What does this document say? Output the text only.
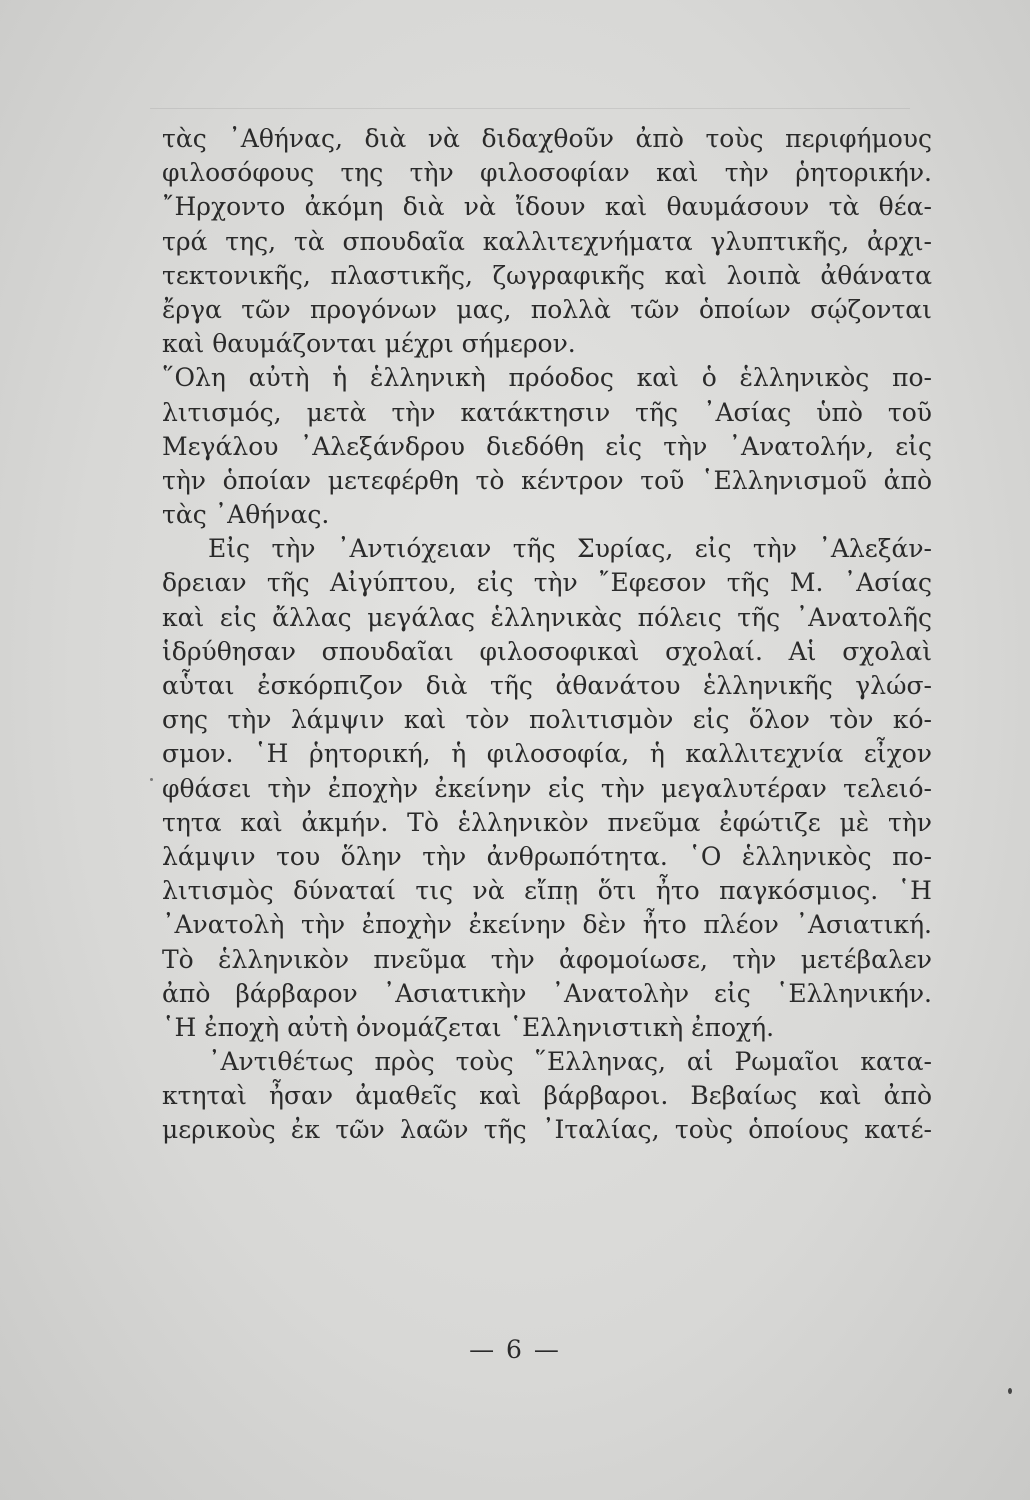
τὰς ᾿Αθήνας, διὰ νὰ διδαχθοῦν ἀπὸ τοὺς περιφήμους
φιλοσόφους της τὴν φιλοσοφίαν καὶ τὴν ῥητορικήν.
῎Ηρχοντο ἀκόμη διὰ νὰ ἴδουν καὶ θαυμάσουν τὰ θέα-
τρά της, τὰ σπουδαῖα καλλιτεχνήματα γλυπτικῆς, ἀρχι-
τεκτονικῆς, πλαστικῆς, ζωγραφικῆς καὶ λοιπὰ ἀθάνατα
ἔργα τῶν προγόνων μας, πολλὰ τῶν ὁποίων σῴζονται
καὶ θαυμάζονται μέχρι σήμερον.
῞Ολη αὐτὴ ἡ ἑλληνικὴ πρόοδος καὶ ὁ ἑλληνικὸς πο-
λιτισμός, μετὰ τὴν κατάκτησιν τῆς ᾿Ασίας ὑπὸ τοῦ
Μεγάλου ᾿Αλεξάνδρου διεδόθη εἰς τὴν ᾿Ανατολήν, εἰς
τὴν ὁποίαν μετεφέρθη τὸ κέντρον τοῦ ῾Ελληνισμοῦ ἀπὸ
τὰς ᾿Αθήνας.
Εἰς τὴν ᾿Αντιόχειαν τῆς Συρίας, εἰς τὴν ᾿Αλεξάν-
δρειαν τῆς Αἰγύπτου, εἰς τὴν ῎Εφεσον τῆς Μ. ᾿Ασίας
καὶ εἰς ἄλλας μεγάλας ἑλληνικὰς πόλεις τῆς ᾿Ανατολῆς
ἱδρύθησαν σπουδαῖαι φιλοσοφικαὶ σχολαί. Αἱ σχολαὶ
αὗται ἐσκόρπιζον διὰ τῆς ἀθανάτου ἑλληνικῆς γλώσ-
σης τὴν λάμψιν καὶ τὸν πολιτισμὸν εἰς ὅλον τὸν κό-
σμον. ῾Η ῥητορική, ἡ φιλοσοφία, ἡ καλλιτεχνία εἶχον
φθάσει τὴν ἐποχὴν ἐκείνην εἰς τὴν μεγαλυτέραν τελειό-
τητα καὶ ἀκμήν. Τὸ ἑλληνικὸν πνεῦμα ἐφώτιζε μὲ τὴν
λάμψιν του ὅλην τὴν ἀνθρωπότητα. ῾Ο ἑλληνικὸς πο-
λιτισμὸς δύναταί τις νὰ εἴπῃ ὅτι ἦτο παγκόσμιος. ῾Η
᾿Ανατολὴ τὴν ἐποχὴν ἐκείνην δὲν ἦτο πλέον ᾿Ασιατική.
Τὸ ἑλληνικὸν πνεῦμα τὴν ἀφομοίωσε, τὴν μετέβαλεν
ἀπὸ βάρβαρον ᾿Ασιατικὴν ᾿Ανατολὴν εἰς ῾Ελληνικήν.
῾Η ἐποχὴ αὐτὴ ὀνομάζεται ῾Ελληνιστικὴ ἐποχή.
᾿Αντιθέτως πρὸς τοὺς ῞Ελληνας, αἱ Ρωμαῖοι κατα-
κτηταὶ ἦσαν ἀμαθεῖς καὶ βάρβαροι. Βεβαίως καὶ ἀπὸ
μερικοὺς ἐκ τῶν λαῶν τῆς ᾿Ιταλίας, τοὺς ὁποίους κατέ-
— 6 —
